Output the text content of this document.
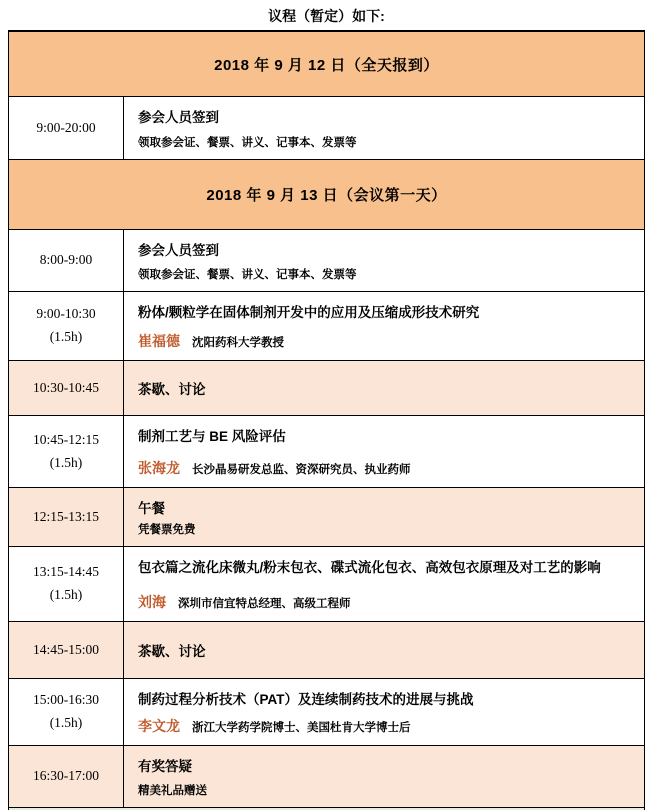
议程（暂定）如下:
2018 年 9 月 12 日（全天报到）
9:00-20:00
参会人员签到
领取参会证、餐票、讲义、记事本、发票等
2018 年 9 月 13 日（会议第一天）
8:00-9:00
参会人员签到
领取参会证、餐票、讲义、记事本、发票等
9:00-10:30
(1.5h)
粉体/颗粒学在固体制剂开发中的应用及压缩成形技术研究
崔福德 沈阳药科大学教授
10:30-10:45	茶歇、讨论
10:45-12:15
(1.5h)
制剂工艺与 BE 风险评估
张海龙 长沙晶易研发总监、资深研究员、执业药师
12:15-13:15
午餐
凭餐票免费
13:15-14:45
(1.5h)
包衣篇之流化床微丸/粉末包衣、碟式流化包衣、高效包衣原理及对工艺的影响
刘海 深圳市信宜特总经理、高级工程师
14:45-15:00	茶歇、讨论
15:00-16:30
(1.5h)
制药过程分析技术（PAT）及连续制药技术的进展与挑战
李文龙 浙江大学药学院博士、美国杜肯大学博士后
16:30-17:00
有奖答疑
精美礼品赠送
